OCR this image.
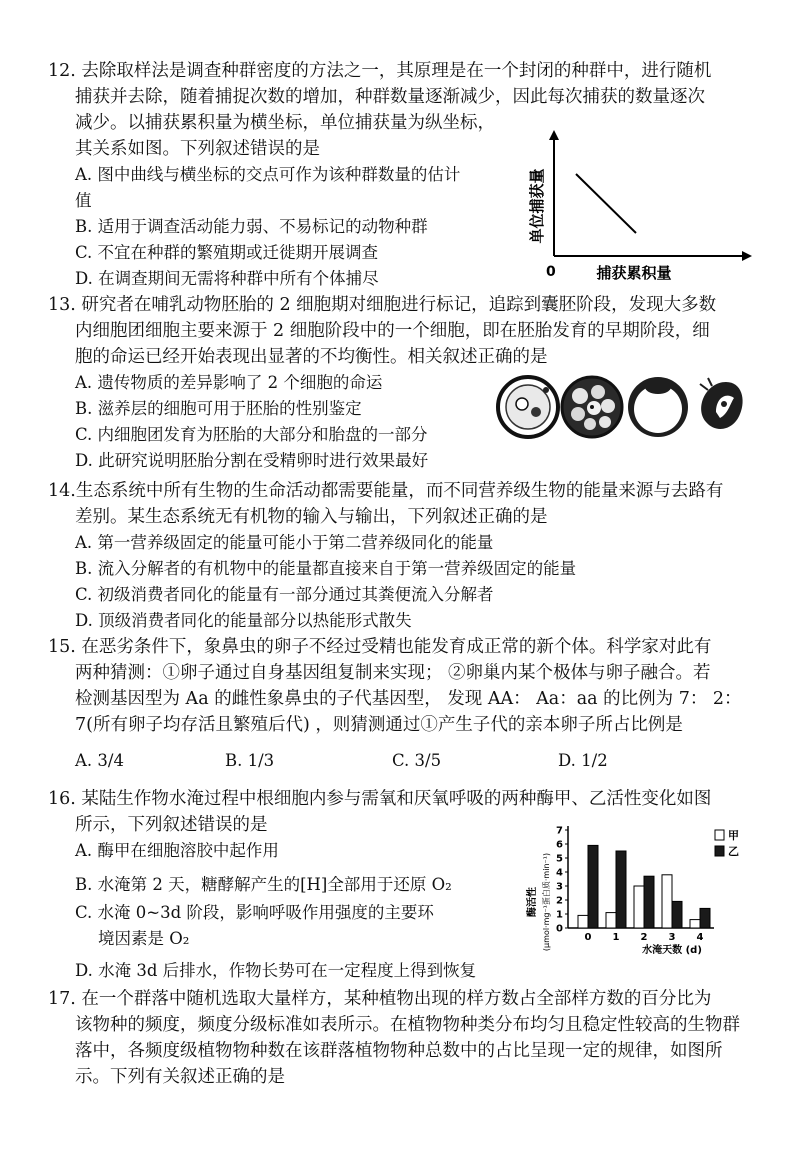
12. 去除取样法是调查种群密度的方法之一，其原理是在一个封闭的种群中，进行随机
捕获并去除，随着捕捉次数的增加，种群数量逐渐减少，因此每次捕获的数量逐次
减少。以捕获累积量为横坐标，单位捕获量为纵坐标，
其关系如图。下列叙述错误的是
A. 图中曲线与横坐标的交点可作为该种群数量的估计
值
B. 适用于调查活动能力弱、不易标记的动物种群
C. 不宜在种群的繁殖期或迁徙期开展调查
D. 在调查期间无需将种群中所有个体捕尽
单位捕获量
0	捕获累积量
13. 研究者在哺乳动物胚胎的 2 细胞期对细胞进行标记，追踪到囊胚阶段，发现大多数
内细胞团细胞主要来源于 2 细胞阶段中的一个细胞，即在胚胎发育的早期阶段，细
胞的命运已经开始表现出显著的不均衡性。相关叙述正确的是
A. 遗传物质的差异影响了 2 个细胞的命运
B. 滋养层的细胞可用于胚胎的性别鉴定
C. 内细胞团发育为胚胎的大部分和胎盘的一部分
D. 此研究说明胚胎分割在受精卵时进行效果最好
14.生态系统中所有生物的生命活动都需要能量，而不同营养级生物的能量来源与去路有
差别。某生态系统无有机物的输入与输出，下列叙述正确的是
A. 第一营养级固定的能量可能小于第二营养级同化的能量
B. 流入分解者的有机物中的能量都直接来自于第一营养级固定的能量
C. 初级消费者同化的能量有一部分通过其粪便流入分解者
D. 顶级消费者同化的能量部分以热能形式散失
15. 在恶劣条件下，象鼻虫的卵子不经过受精也能发育成正常的新个体。科学家对此有
两种猜测：①卵子通过自身基因组复制来实现； ②卵巢内某个极体与卵子融合。若
检测基因型为 Aa 的雌性象鼻虫的子代基因型， 发现 AA： Aa：aa 的比例为 7： 2：
7(所有卵子均存活且繁殖后代) ，则猜测通过①产生子代的亲本卵子所占比例是
A. 3/4	B. 1/3	C. 3/5	D. 1/2
16. 某陆生作物水淹过程中根细胞内参与需氧和厌氧呼吸的两种酶甲、乙活性变化如图
所示，下列叙述错误的是
A. 酶甲在细胞溶胶中起作用
B. 水淹第 2 天，糖酵解产生的[H]全部用于还原 O₂
C. 水淹 0~3d 阶段，影响呼吸作用强度的主要环
境因素是 O₂
D. 水淹 3d 后排水，作物长势可在一定程度上得到恢复
酶活性 (μmol·mg⁻¹蛋白质·min⁻¹) 0
1
2
3
4
5
6
7
0 1 2 3 4
水淹天数 (d)
甲
乙
17. 在一个群落中随机选取大量样方，某种植物出现的样方数占全部样方数的百分比为
该物种的频度，频度分级标准如表所示。在植物物种类分布均匀且稳定性较高的生物群
落中，各频度级植物物种数在该群落植物物种总数中的占比呈现一定的规律，如图所
示。下列有关叙述正确的是
